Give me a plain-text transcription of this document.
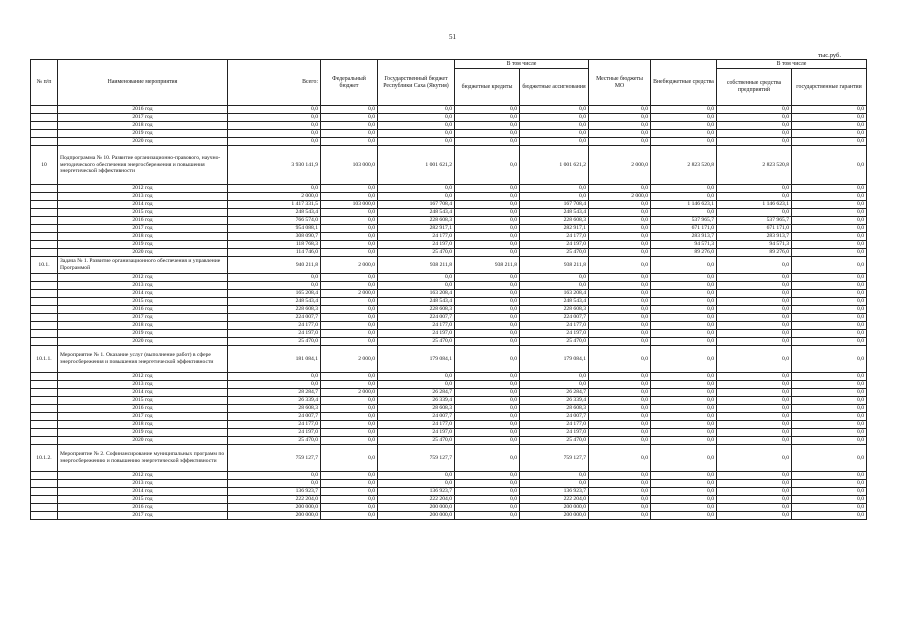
51
тыс.руб.
№ п/п	Наименование мероприятия	Всего:	Федеральный бюджет	Государственный бюджет Республики Саха (Якутия)	В том числе		Местные бюджеты МО	Внебюджетные средства	В том числе	
					бюджетные кредиты	бюджетные ассигнования			собственные средства предприятий	государственные гарантии
	2016 год	0,0	0,0	0,0	0,0	0,0	0,0	0,0	0,0	0,0
	2017 год	0,0	0,0	0,0	0,0	0,0	0,0	0,0	0,0	0,0
	2018 год	0,0	0,0	0,0	0,0	0,0	0,0	0,0	0,0	0,0
	2019 год	0,0	0,0	0,0	0,0	0,0	0,0	0,0	0,0	0,0
	2020 год	0,0	0,0	0,0	0,0	0,0	0,0	0,0	0,0	0,0
10	Подпрограмма № 10. Развитие организационно-правового, научно-методического обеспечения энергосбережения и повышения энергетической эффективности	3 930 141,9	103 000,0	1 001 621,2	0,0	1 001 621,2	2 000,0	2 823 520,8	2 823 520,8	0,0
	2012 год	0,0	0,0	0,0	0,0	0,0	0,0	0,0	0,0	0,0
	2013 год	2 000,0	0,0	0,0	0,0	0,0	2 000,0	0,0	0,0	0,0
	2014 год	1 417 331,5	103 000,0	167 708,4	0,0	167 708,4	0,0	1 146 623,1	1 146 623,1	0,0
	2015 год	248 543,4	0,0	248 543,4	0,0	248 543,4	0,0	0,0	0,0	0,0
	2016 год	766 574,0	0,0	228 608,3	0,0	228 608,3	0,0	537 965,7	537 965,7	0,0
	2017 год	954 088,1	0,0	282 917,1	0,0	282 917,1	0,0	671 171,0	671 171,0	0,0
	2018 год	308 090,7	0,0	24 177,0	0,0	24 177,0	0,0	283 913,7	283 913,7	0,0
	2019 год	118 768,3	0,0	24 197,0	0,0	24 197,0	0,0	94 571,3	94 571,3	0,0
	2020 год	114 746,0	0,0	25 470,0	0,0	25 470,0	0,0	89 276,0	89 276,0	0,0
10.1.	Задача № 1. Развитие организационного обеспечения и управление Программой	940 211,8	2 000,0	938 211,8	938 211,8	938 211,8	0,0	0,0	0,0	0,0
	2012 год	0,0	0,0	0,0	0,0	0,0	0,0	0,0	0,0	0,0
	2013 год	0,0	0,0	0,0	0,0	0,0	0,0	0,0	0,0	0,0
	2014 год	165 208,4	2 000,0	163 208,4	0,0	163 208,4	0,0	0,0	0,0	0,0
	2015 год	248 543,4	0,0	248 543,4	0,0	248 543,4	0,0	0,0	0,0	0,0
	2016 год	228 608,3	0,0	228 608,3	0,0	228 608,3	0,0	0,0	0,0	0,0
	2017 год	224 007,7	0,0	224 007,7	0,0	224 007,7	0,0	0,0	0,0	0,0
	2018 год	24 177,0	0,0	24 177,0	0,0	24 177,0	0,0	0,0	0,0	0,0
	2019 год	24 197,0	0,0	24 197,0	0,0	24 197,0	0,0	0,0	0,0	0,0
	2020 год	25 470,0	0,0	25 470,0	0,0	25 470,0	0,0	0,0	0,0	0,0
10.1.1.	Мероприятие № 1. Оказание услуг (выполнение работ) в сфере энергосбережения и повышения энергетической эффективности	181 084,1	2 000,0	179 084,1	0,0	179 084,1	0,0	0,0	0,0	0,0
	2012 год	0,0	0,0	0,0	0,0	0,0	0,0	0,0	0,0	0,0
	2013 год	0,0	0,0	0,0	0,0	0,0	0,0	0,0	0,0	0,0
	2014 год	28 284,7	2 000,0	26 284,7	0,0	26 284,7	0,0	0,0	0,0	0,0
	2015 год	26 339,4	0,0	26 339,4	0,0	26 339,4	0,0	0,0	0,0	0,0
	2016 год	28 608,3	0,0	28 608,3	0,0	28 608,3	0,0	0,0	0,0	0,0
	2017 год	24 007,7	0,0	24 007,7	0,0	24 007,7	0,0	0,0	0,0	0,0
	2018 год	24 177,0	0,0	24 177,0	0,0	24 177,0	0,0	0,0	0,0	0,0
	2019 год	24 197,0	0,0	24 197,0	0,0	24 197,0	0,0	0,0	0,0	0,0
	2020 год	25 470,0	0,0	25 470,0	0,0	25 470,0	0,0	0,0	0,0	0,0
10.1.2.	Мероприятие № 2. Софинансирование муниципальных программ по энергосбережению и повышению энергетической эффективности	759 127,7	0,0	759 127,7	0,0	759 127,7	0,0	0,0	0,0	0,0
	2012 год	0,0	0,0	0,0	0,0	0,0	0,0	0,0	0,0	0,0
	2013 год	0,0	0,0	0,0	0,0	0,0	0,0	0,0	0,0	0,0
	2014 год	136 923,7	0,0	136 923,7	0,0	136 923,7	0,0	0,0	0,0	0,0
	2015 год	222 204,0	0,0	222 204,0	0,0	222 204,0	0,0	0,0	0,0	0,0
	2016 год	200 000,0	0,0	200 000,0	0,0	200 000,0	0,0	0,0	0,0	0,0
	2017 год	200 000,0	0,0	200 000,0	0,0	200 000,0	0,0	0,0	0,0	0,0
